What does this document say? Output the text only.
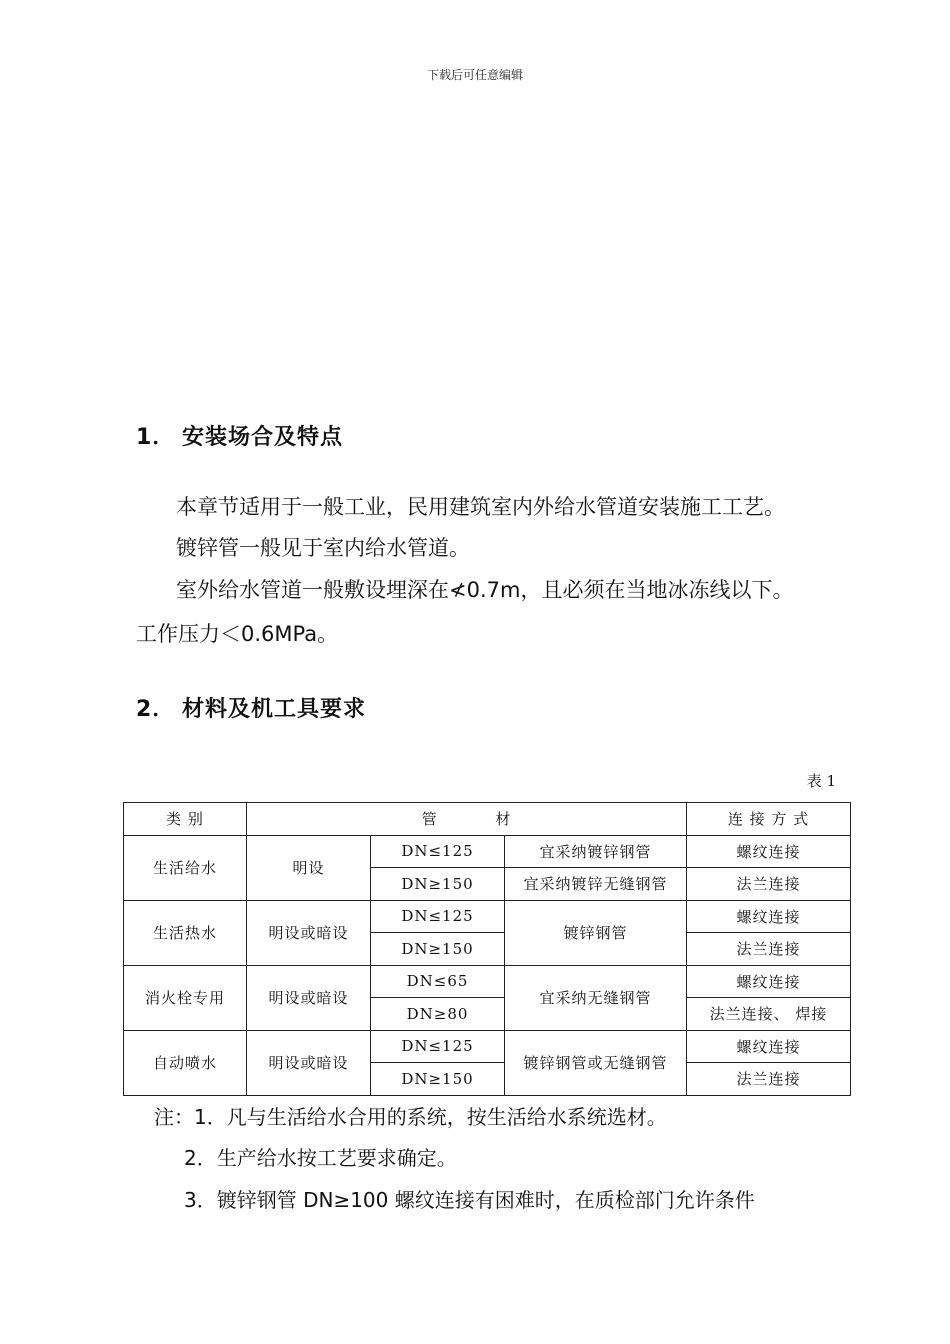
下载后可任意编辑
1． 安装场合及特点
本章节适用于一般工业，民用建筑室内外给水管道安装施工工艺。
镀锌管一般见于室内给水管道。
室外给水管道一般敷设埋深在≮0.7m，且必须在当地冰冻线以下。
工作压力＜0.6MPa。
2． 材料及机工具要求
表 1
类 别	管          材			连 接 方 式
生活给水	明设	DN≤125	宜采纳镀锌钢管	螺纹连接
		DN≥150	宜采纳镀锌无缝钢管	法兰连接
生活热水	明设或暗设	DN≤125	镀锌钢管	螺纹连接
		DN≥150		法兰连接
消火栓专用	明设或暗设	DN≤65	宜采纳无缝钢管	螺纹连接
		DN≥80		法兰连接、 焊接
自动喷水	明设或暗设	DN≤125	镀锌钢管或无缝钢管	螺纹连接
		DN≥150		法兰连接
注：1．凡与生活给水合用的系统，按生活给水系统选材。
2．生产给水按工艺要求确定。
3．镀锌钢管 DN≥100 螺纹连接有困难时，在质检部门允许条件
